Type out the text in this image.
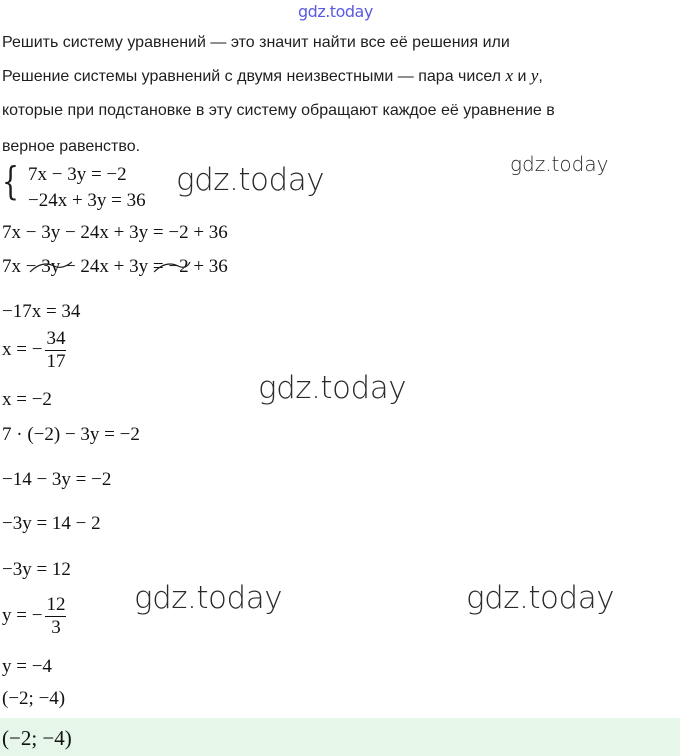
gdz.today
Решить систему уравнений — это значит найти все её решения или
Решение системы уравнений с двумя неизвестными — пара чисел x и y,
которые при подстановке в эту систему обращают каждое её уравнение в
верное равенство.
gdz.today
{ 7x − 3y = −2
−24x + 3y = 36
gdz.today
7x − 3y − 24x + 3y = −2 + 36
7x − 3y − 24x + 3y = −2 + 36
−17x = 34
x = − $\frac{34}{17}$
gdz.today
x = −2
7 · (−2) − 3y = −2
−14 − 3y = −2
−3y = 14 − 2
−3y = 12
gdz.today	gdz.today
y = − $\frac{12}{3}$
y = −4
(−2; −4)
(−2; −4)
